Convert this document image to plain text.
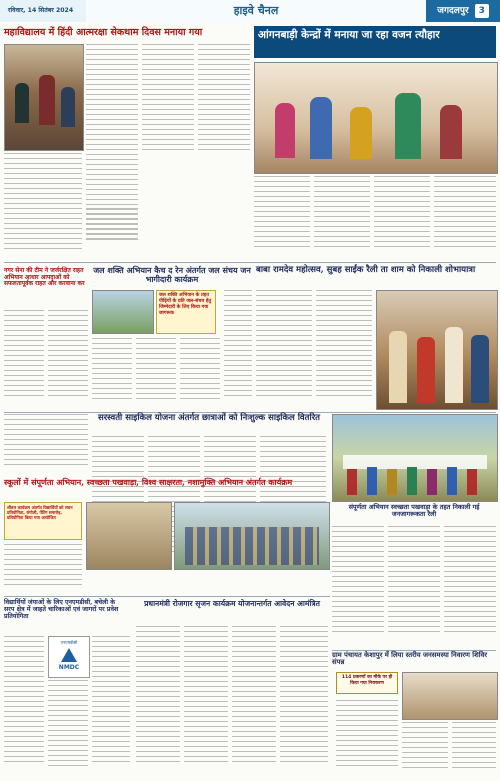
रविवार, 14 सितंबर 2024	हाइवे चैनल	जगदलपुर 3
महाविद्यालय में हिंदी आत्मरक्षा सेकथाम दिवस मनाया गया	आंगनबाड़ी केन्द्रों में मनाया जा रहा वजन त्यौहार
जल शक्ति अभियान कैच द रेन अंतर्गत जल संचय जन भागीदारी कार्यक्रम
जल शक्ति अभियान के तहत पीढ़ियों के प्रति जल-संचय हेतु जिम्मेदारी के लिए किया गया जागरूक
नगर सेना की टीम ने जर्जरक्षित राहत अभियान आधार आपदाओं को सफलतापूर्वक राहत और करवाना कर
बाबा रामदेव महोत्सव, सुबह साईंक रैली ता शाम को निकाली शोभायात्रा
सरस्वती साइकिल योजना अंतर्गत छात्राओं को निःशुल्क साइकिल वितरित
संपूर्णता अभियान स्वच्छता पखवाड़ा के तहत निकाली गई जनजागरूकता रैली
स्कूलों में संपूर्णता अभियान, स्वच्छता पखवाड़ा, विश्व साक्षरता, नशामुक्ति अभियान अंतर्गत कार्यक्रम
शीतल कार्यक्रम अंतर्गत विद्यार्थियों को सघन प्रतियोगिता, रांगोली, पेंटिंग समारोह, प्रतियोगिता किया गया आयोजित
विद्यार्थियों जंयाओं के लिए एनएमडीसी, बचेली के सरप क्षेत्र में जाहते चारिकाओं एवं जागरों पर प्रवेश प्रतियोगिता
एनएमडीसी
NMDC
प्रधानमंत्री रोजगार सृजन कार्यक्रम योजनान्तर्गत आवेदन आमंत्रित
ग्राम पंचायत केशापुर में लिया स्तरीय जनसमस्या निवारण शिविर संपन्न
114 प्रकरणों का मौके पर ही किया गया निराकरण
